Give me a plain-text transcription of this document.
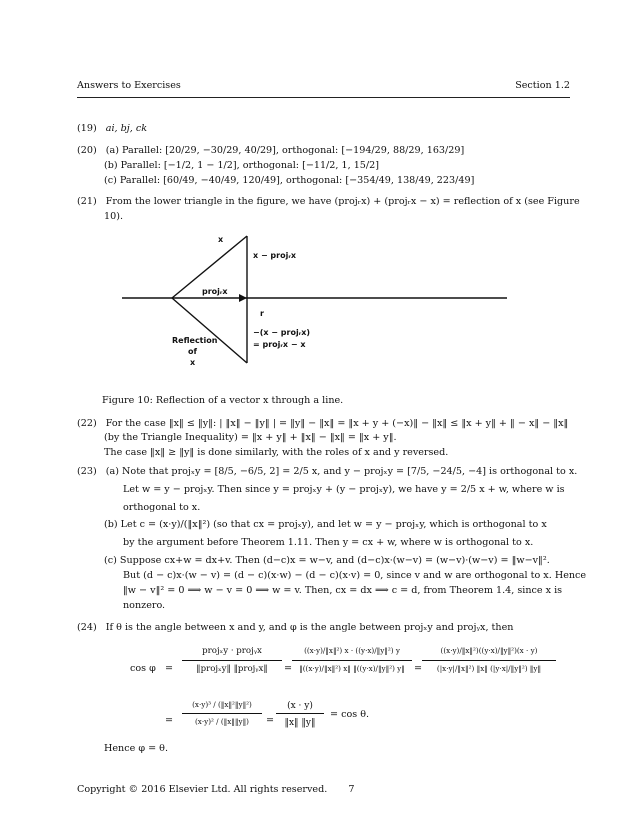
Answers to Exercises	Section 1.2
(19) ai, bj, ck
(20) (a) Parallel: [20/29, −30/29, 40/29], orthogonal: [−194/29, 88/29, 163/29]
(b) Parallel: [−1/2, 1 − 1/2], orthogonal: [−11/2, 1, 15/2]
(c) Parallel: [60/49, −40/49, 120/49], orthogonal: [−354/49, 138/49, 223/49]
(21) From the lower triangle in the figure, we have (projᵣx) + (projᵣx − x) = reflection of x (see Figure
10).
x
x − projᵣx
projᵣx
r
−(x − projᵣx)
= projᵣx − x
Reflection
of
x
Figure 10: Reflection of a vector x through a line.
(22) For the case ‖x‖ ≤ ‖y‖: | ‖x‖ − ‖y‖ | = ‖y‖ − ‖x‖ = ‖x + y + (−x)‖ − ‖x‖ ≤ ‖x + y‖ + ‖ − x‖ − ‖x‖
(by the Triangle Inequality) = ‖x + y‖ + ‖x‖ − ‖x‖ = ‖x + y‖.
The case ‖x‖ ≥ ‖y‖ is done similarly, with the roles of x and y reversed.
(23) (a) Note that projₓy = [8/5, −6/5, 2] = 2/5 x, and y − projₓy = [7/5, −24/5, −4] is orthogonal to x.
Let w = y − projₓy. Then since y = projₓy + (y − projₓy), we have y = 2/5 x + w, where w is
orthogonal to x.
(b) Let c = (x·y)/(‖x‖²) (so that cx = projₓy), and let w = y − projₓy, which is orthogonal to x
by the argument before Theorem 1.11. Then y = cx + w, where w is orthogonal to x.
(c) Suppose cx+w = dx+v. Then (d−c)x = w−v, and (d−c)x·(w−v) = (w−v)·(w−v) = ‖w−v‖².
But (d − c)x·(w − v) = (d − c)(x·w) − (d − c)(x·v) = 0, since v and w are orthogonal to x. Hence
‖w − v‖² = 0 ⟹ w − v = 0 ⟹ w = v. Then, cx = dx ⟹ c = d, from Theorem 1.4, since x is
nonzero.
(24) If θ is the angle between x and y, and φ is the angle between projₓy and projᵧx, then
cos φ =
projₓy · projᵧx
‖projₓy‖ ‖projᵧx‖	=
((x·y)/‖x‖²) x · ((y·x)/‖y‖²) y
‖((x·y)/‖x‖²) x‖ ‖((y·x)/‖y‖²) y‖ =
((x·y)/‖x‖²)((y·x)/‖y‖²)(x · y)
(|x·y|/‖x‖²) ‖x‖ (|y·x|/‖y‖²) ‖y‖
=
(x·y)³ / (‖x‖²‖y‖²)
(x·y)² / (‖x‖‖y‖)	=
(x · y)
‖x‖ ‖y‖
= cos θ.
Hence φ = θ.
Copyright © 2016 Elsevier Ltd. All rights reserved. 7
